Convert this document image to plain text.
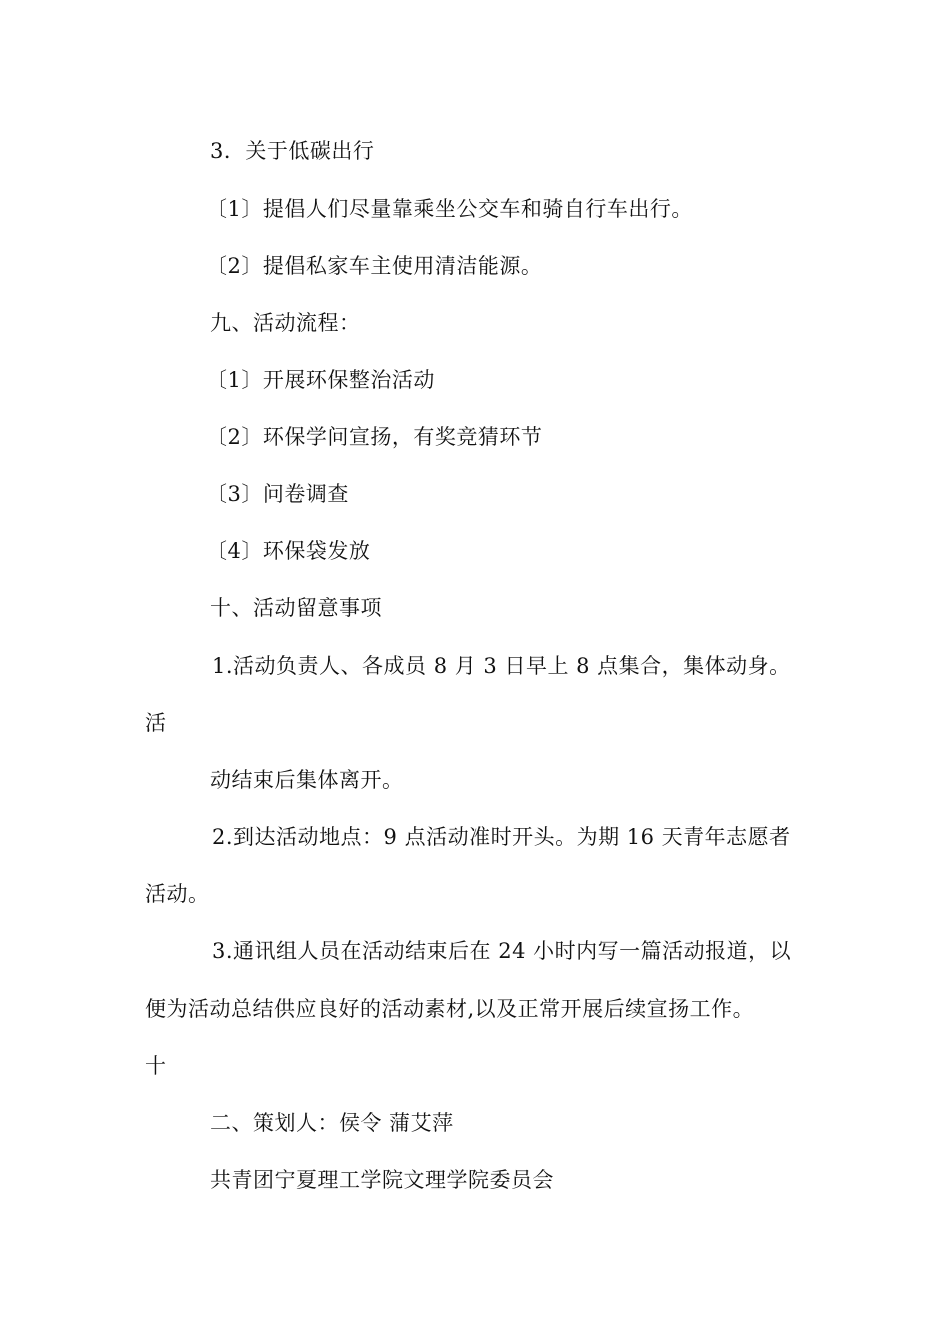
3．关于低碳出行

〔1〕提倡人们尽量靠乘坐公交车和骑自行车出行。

〔2〕提倡私家车主使用清洁能源。

九、活动流程：

〔1〕开展环保整治活动

〔2〕环保学问宣扬，有奖竞猜环节

〔3〕问卷调查

〔4〕环保袋发放

十、活动留意事项

1.活动负责人、各成员 8 月 3 日早上 8 点集合，集体动身。

活

动结束后集体离开。

2.到达活动地点：9 点活动准时开头。为期 16 天青年志愿者

活动。

3.通讯组人员在活动结束后在 24 小时内写一篇活动报道，以

便为活动总结供应良好的活动素材,以及正常开展后续宣扬工作。

十

二、策划人：侯令 蒲艾萍

共青团宁夏理工学院文理学院委员会
